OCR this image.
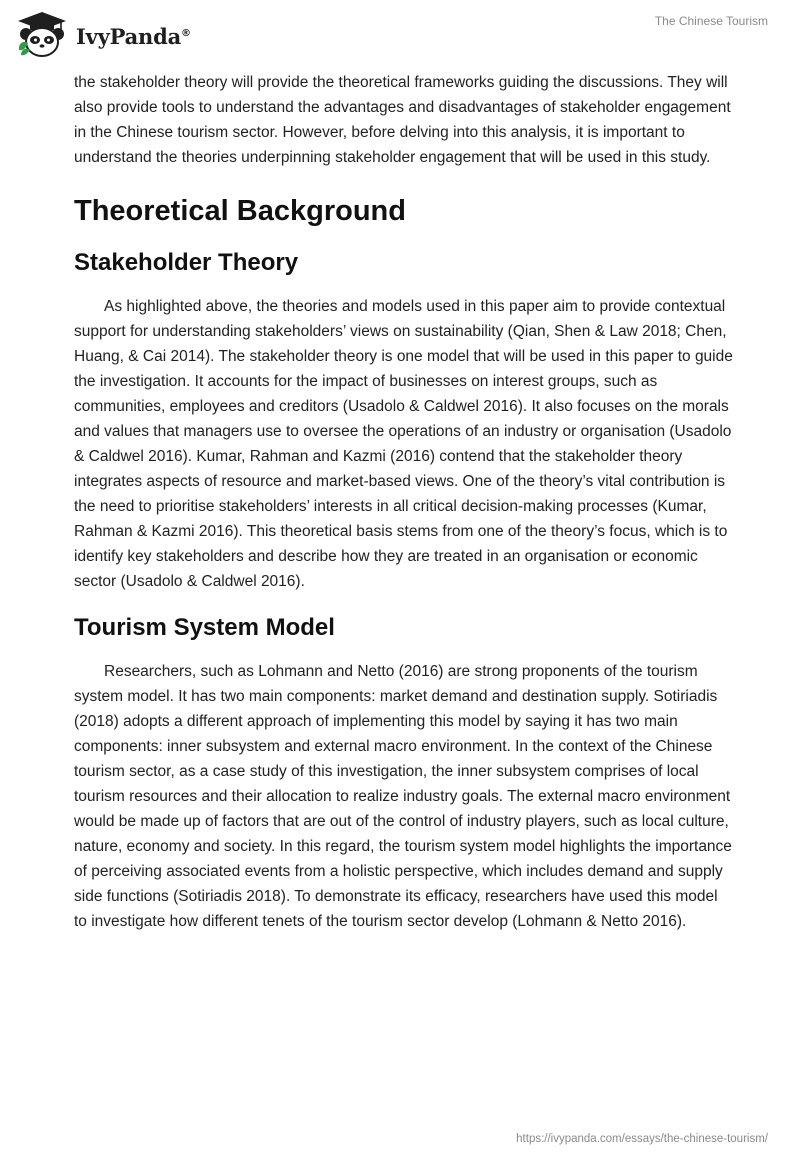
IvyPanda®
The Chinese Tourism

the stakeholder theory will provide the theoretical frameworks guiding the discussions. They will also provide tools to understand the advantages and disadvantages of stakeholder engagement in the Chinese tourism sector. However, before delving into this analysis, it is important to understand the theories underpinning stakeholder engagement that will be used in this study.

Theoretical Background
Stakeholder Theory

As highlighted above, the theories and models used in this paper aim to provide contextual support for understanding stakeholders’ views on sustainability (Qian, Shen & Law 2018; Chen, Huang, & Cai 2014). The stakeholder theory is one model that will be used in this paper to guide the investigation. It accounts for the impact of businesses on interest groups, such as communities, employees and creditors (Usadolo & Caldwel 2016). It also focuses on the morals and values that managers use to oversee the operations of an industry or organisation (Usadolo & Caldwel 2016). Kumar, Rahman and Kazmi (2016) contend that the stakeholder theory integrates aspects of resource and market-based views. One of the theory’s vital contribution is the need to prioritise stakeholders’ interests in all critical decision-making processes (Kumar, Rahman & Kazmi 2016). This theoretical basis stems from one of the theory’s focus, which is to identify key stakeholders and describe how they are treated in an organisation or economic sector (Usadolo & Caldwel 2016).

Tourism System Model

Researchers, such as Lohmann and Netto (2016) are strong proponents of the tourism system model. It has two main components: market demand and destination supply. Sotiriadis (2018) adopts a different approach of implementing this model by saying it has two main components: inner subsystem and external macro environment. In the context of the Chinese tourism sector, as a case study of this investigation, the inner subsystem comprises of local tourism resources and their allocation to realize industry goals. The external macro environment would be made up of factors that are out of the control of industry players, such as local culture, nature, economy and society. In this regard, the tourism system model highlights the importance of perceiving associated events from a holistic perspective, which includes demand and supply side functions (Sotiriadis 2018). To demonstrate its efficacy, researchers have used this model to investigate how different tenets of the tourism sector develop (Lohmann & Netto 2016).

https://ivypanda.com/essays/the-chinese-tourism/
